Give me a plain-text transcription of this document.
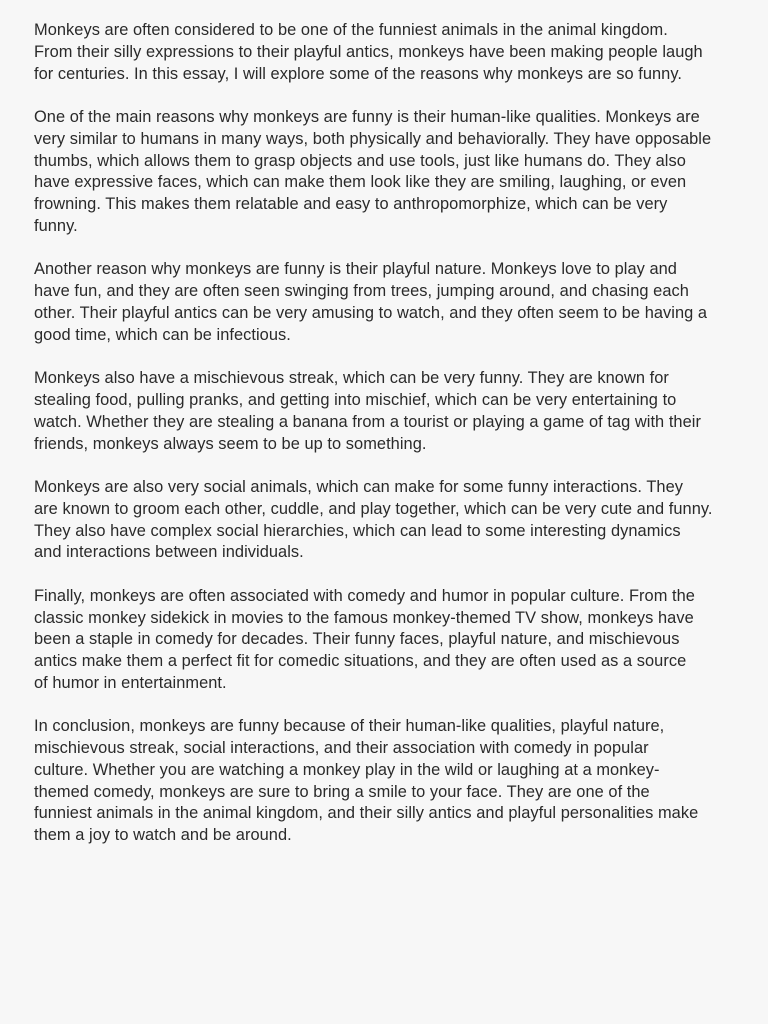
Monkeys are often considered to be one of the funniest animals in the animal kingdom.
From their silly expressions to their playful antics, monkeys have been making people laugh
for centuries. In this essay, I will explore some of the reasons why monkeys are so funny.

One of the main reasons why monkeys are funny is their human-like qualities. Monkeys are
very similar to humans in many ways, both physically and behaviorally. They have opposable
thumbs, which allows them to grasp objects and use tools, just like humans do. They also
have expressive faces, which can make them look like they are smiling, laughing, or even
frowning. This makes them relatable and easy to anthropomorphize, which can be very
funny.

Another reason why monkeys are funny is their playful nature. Monkeys love to play and
have fun, and they are often seen swinging from trees, jumping around, and chasing each
other. Their playful antics can be very amusing to watch, and they often seem to be having a
good time, which can be infectious.

Monkeys also have a mischievous streak, which can be very funny. They are known for
stealing food, pulling pranks, and getting into mischief, which can be very entertaining to
watch. Whether they are stealing a banana from a tourist or playing a game of tag with their
friends, monkeys always seem to be up to something.

Monkeys are also very social animals, which can make for some funny interactions. They
are known to groom each other, cuddle, and play together, which can be very cute and funny.
They also have complex social hierarchies, which can lead to some interesting dynamics
and interactions between individuals.

Finally, monkeys are often associated with comedy and humor in popular culture. From the
classic monkey sidekick in movies to the famous monkey-themed TV show, monkeys have
been a staple in comedy for decades. Their funny faces, playful nature, and mischievous
antics make them a perfect fit for comedic situations, and they are often used as a source
of humor in entertainment.

In conclusion, monkeys are funny because of their human-like qualities, playful nature,
mischievous streak, social interactions, and their association with comedy in popular
culture. Whether you are watching a monkey play in the wild or laughing at a monkey-
themed comedy, monkeys are sure to bring a smile to your face. They are one of the
funniest animals in the animal kingdom, and their silly antics and playful personalities make
them a joy to watch and be around.
